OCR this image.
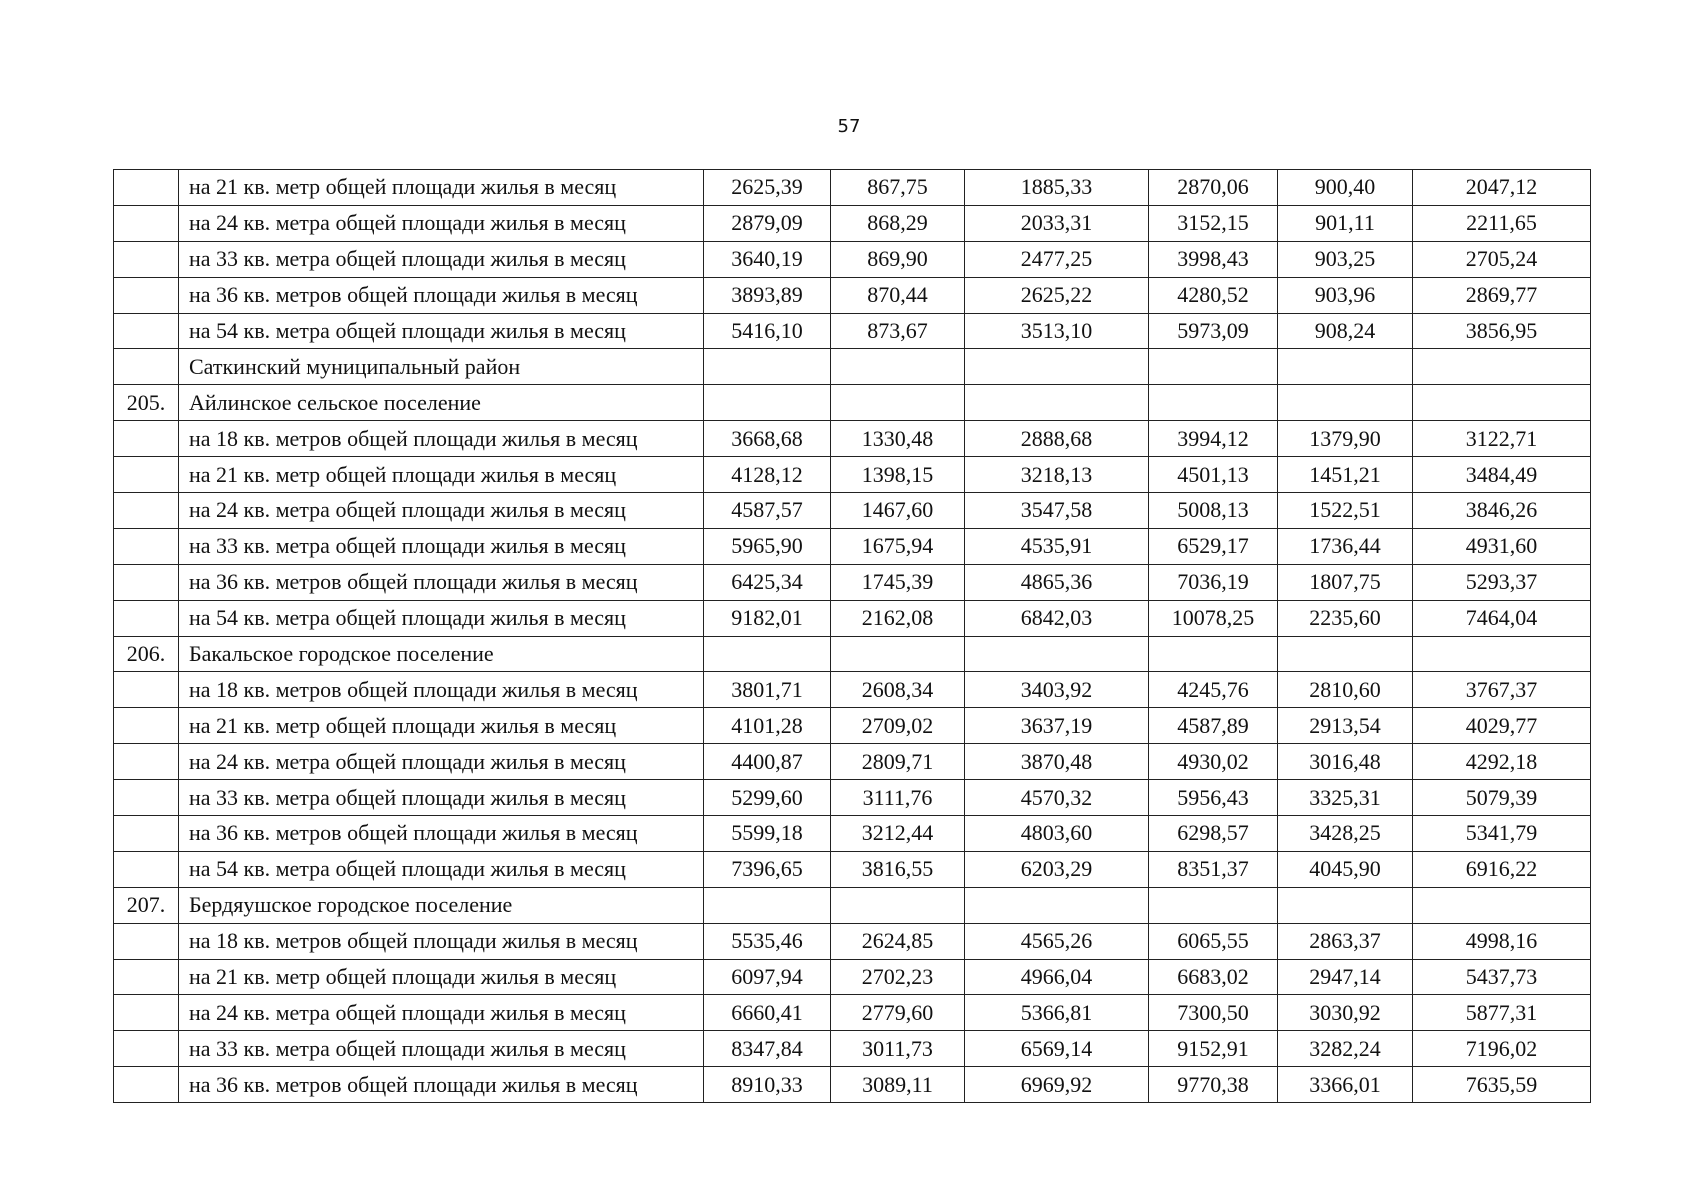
57
	на 21 кв. метр общей площади жилья в месяц	2625,39	867,75	1885,33	2870,06	900,40	2047,12
	на 24 кв. метра общей площади жилья в месяц	2879,09	868,29	2033,31	3152,15	901,11	2211,65
	на 33 кв. метра общей площади жилья в месяц	3640,19	869,90	2477,25	3998,43	903,25	2705,24
	на 36 кв. метров общей площади жилья в месяц	3893,89	870,44	2625,22	4280,52	903,96	2869,77
	на 54 кв. метра общей площади жилья в месяц	5416,10	873,67	3513,10	5973,09	908,24	3856,95
	Саткинский муниципальный район						
205.	Айлинское сельское поселение						
	на 18 кв. метров общей площади жилья в месяц	3668,68	1330,48	2888,68	3994,12	1379,90	3122,71
	на 21 кв. метр общей площади жилья в месяц	4128,12	1398,15	3218,13	4501,13	1451,21	3484,49
	на 24 кв. метра общей площади жилья в месяц	4587,57	1467,60	3547,58	5008,13	1522,51	3846,26
	на 33 кв. метра общей площади жилья в месяц	5965,90	1675,94	4535,91	6529,17	1736,44	4931,60
	на 36 кв. метров общей площади жилья в месяц	6425,34	1745,39	4865,36	7036,19	1807,75	5293,37
	на 54 кв. метра общей площади жилья в месяц	9182,01	2162,08	6842,03	10078,25	2235,60	7464,04
206.	Бакальское городское поселение						
	на 18 кв. метров общей площади жилья в месяц	3801,71	2608,34	3403,92	4245,76	2810,60	3767,37
	на 21 кв. метр общей площади жилья в месяц	4101,28	2709,02	3637,19	4587,89	2913,54	4029,77
	на 24 кв. метра общей площади жилья в месяц	4400,87	2809,71	3870,48	4930,02	3016,48	4292,18
	на 33 кв. метра общей площади жилья в месяц	5299,60	3111,76	4570,32	5956,43	3325,31	5079,39
	на 36 кв. метров общей площади жилья в месяц	5599,18	3212,44	4803,60	6298,57	3428,25	5341,79
	на 54 кв. метра общей площади жилья в месяц	7396,65	3816,55	6203,29	8351,37	4045,90	6916,22
207.	Бердяушское городское поселение						
	на 18 кв. метров общей площади жилья в месяц	5535,46	2624,85	4565,26	6065,55	2863,37	4998,16
	на 21 кв. метр общей площади жилья в месяц	6097,94	2702,23	4966,04	6683,02	2947,14	5437,73
	на 24 кв. метра общей площади жилья в месяц	6660,41	2779,60	5366,81	7300,50	3030,92	5877,31
	на 33 кв. метра общей площади жилья в месяц	8347,84	3011,73	6569,14	9152,91	3282,24	7196,02
	на 36 кв. метров общей площади жилья в месяц	8910,33	3089,11	6969,92	9770,38	3366,01	7635,59
